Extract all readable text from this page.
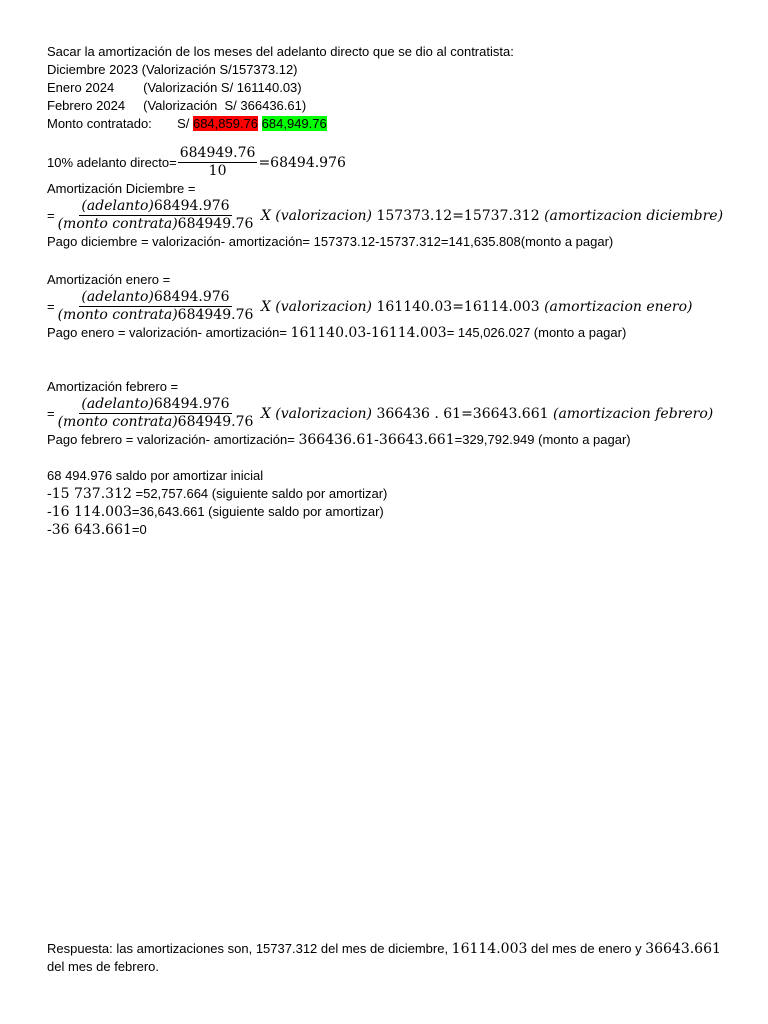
Sacar la amortización de los meses del adelanto directo que se dio al contratista:
Diciembre 2023 (Valorización S/157373.12)
Enero 2024        (Valorización S/ 161140.03)
Febrero 2024     (Valorización  S/ 366436.61)
Monto contratado:       S/ 684,859.76 684,949.76
10% adelanto directo= $\frac{684949.76}{10} =68494.976$
Amortización Diciembre =
= $\frac{\text{(adelanto)68494.976}}{\text{(monto contrata)684949.76}}$ X (valorizacion) 157373.12=15737.312 (amortizacion diciembre)
Pago diciembre = valorización- amortización= 157373.12-15737.312=141,635.808(monto a pagar)
Amortización enero =
= $\frac{\text{(adelanto)68494.976}}{\text{(monto contrata)684949.76}}$ X (valorizacion) 161140.03=16114.003 (amortizacion enero)
Pago enero = valorización- amortización= 161140.03-16114.003= 145,026.027 (monto a pagar)
Amortización febrero =
= $\frac{\text{(adelanto)68494.976}}{\text{(monto contrata)684949.76}}$ X (valorizacion) 366436 . 61=36643.661 (amortizacion febrero)
Pago febrero = valorización- amortización= 366436.61-36643.661=329,792.949 (monto a pagar)
68 494.976 saldo por amortizar inicial
-15 737.312 =52,757.664 (siguiente saldo por amortizar)
-16 114.003=36,643.661 (siguiente saldo por amortizar)
-36 643.661=0
Respuesta: las amortizaciones son, 15737.312 del mes de diciembre, 16114.003 del mes de enero y 36643.661 del mes de febrero.
